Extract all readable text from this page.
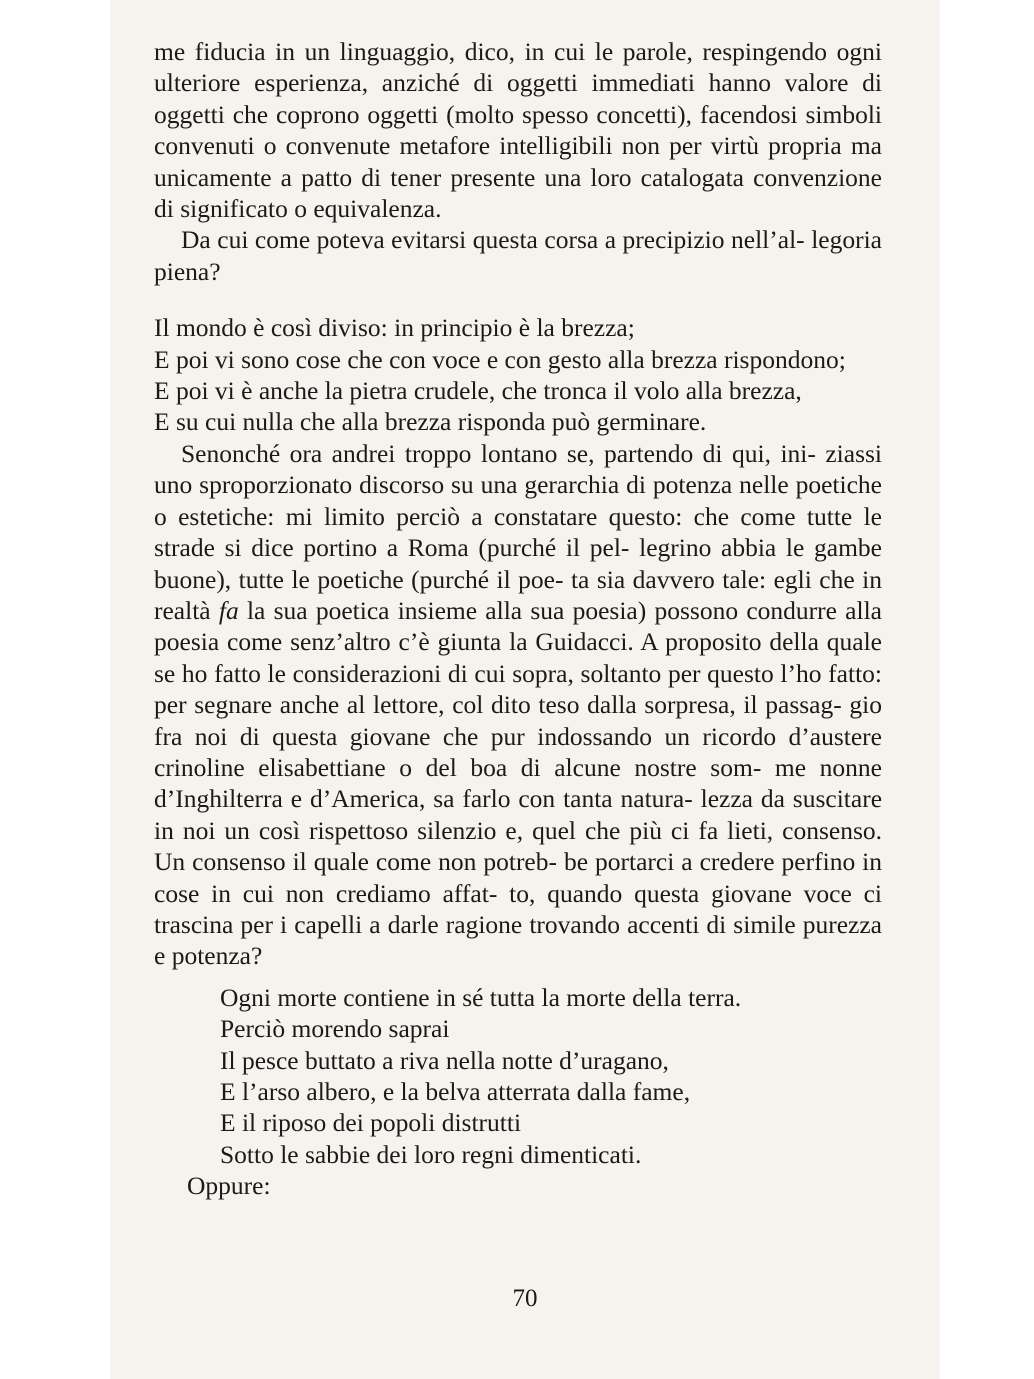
me fiducia in un linguaggio, dico, in cui le parole, respingendo ogni ulteriore esperienza, anziché di oggetti immediati hanno valore di oggetti che coprono oggetti (molto spesso concetti), facendosi simboli convenuti o convenute metafore intelligibili non per virtù propria ma unicamente a patto di tener presente una loro catalogata convenzione di significato o equivalenza.

Da cui come poteva evitarsi questa corsa a precipizio nell’al- legoria piena?

Il mondo è così diviso: in principio è la brezza;
E poi vi sono cose che con voce e con gesto alla brezza rispondono;
E poi vi è anche la pietra crudele, che tronca il volo alla brezza,
E su cui nulla che alla brezza risponda può germinare.

Senonché ora andrei troppo lontano se, partendo di qui, ini- ziassi uno sproporzionato discorso su una gerarchia di potenza nelle poetiche o estetiche: mi limito perciò a constatare questo: che come tutte le strade si dice portino a Roma (purché il pel- legrino abbia le gambe buone), tutte le poetiche (purché il poe- ta sia davvero tale: egli che in realtà fa la sua poetica insieme alla sua poesia) possono condurre alla poesia come senz’altro c’è giunta la Guidacci. A proposito della quale se ho fatto le considerazioni di cui sopra, soltanto per questo l’ho fatto: per segnare anche al lettore, col dito teso dalla sorpresa, il passag- gio fra noi di questa giovane che pur indossando un ricordo d’austere crinoline elisabettiane o del boa di alcune nostre som- me nonne d’Inghilterra e d’America, sa farlo con tanta natura- lezza da suscitare in noi un così rispettoso silenzio e, quel che più ci fa lieti, consenso. Un consenso il quale come non potreb- be portarci a credere perfino in cose in cui non crediamo affat- to, quando questa giovane voce ci trascina per i capelli a darle ragione trovando accenti di simile purezza e potenza?

Ogni morte contiene in sé tutta la morte della terra.
Perciò morendo saprai
Il pesce buttato a riva nella notte d’uragano,
E l’arso albero, e la belva atterrata dalla fame,
E il riposo dei popoli distrutti
Sotto le sabbie dei loro regni dimenticati.

Oppure:

70
